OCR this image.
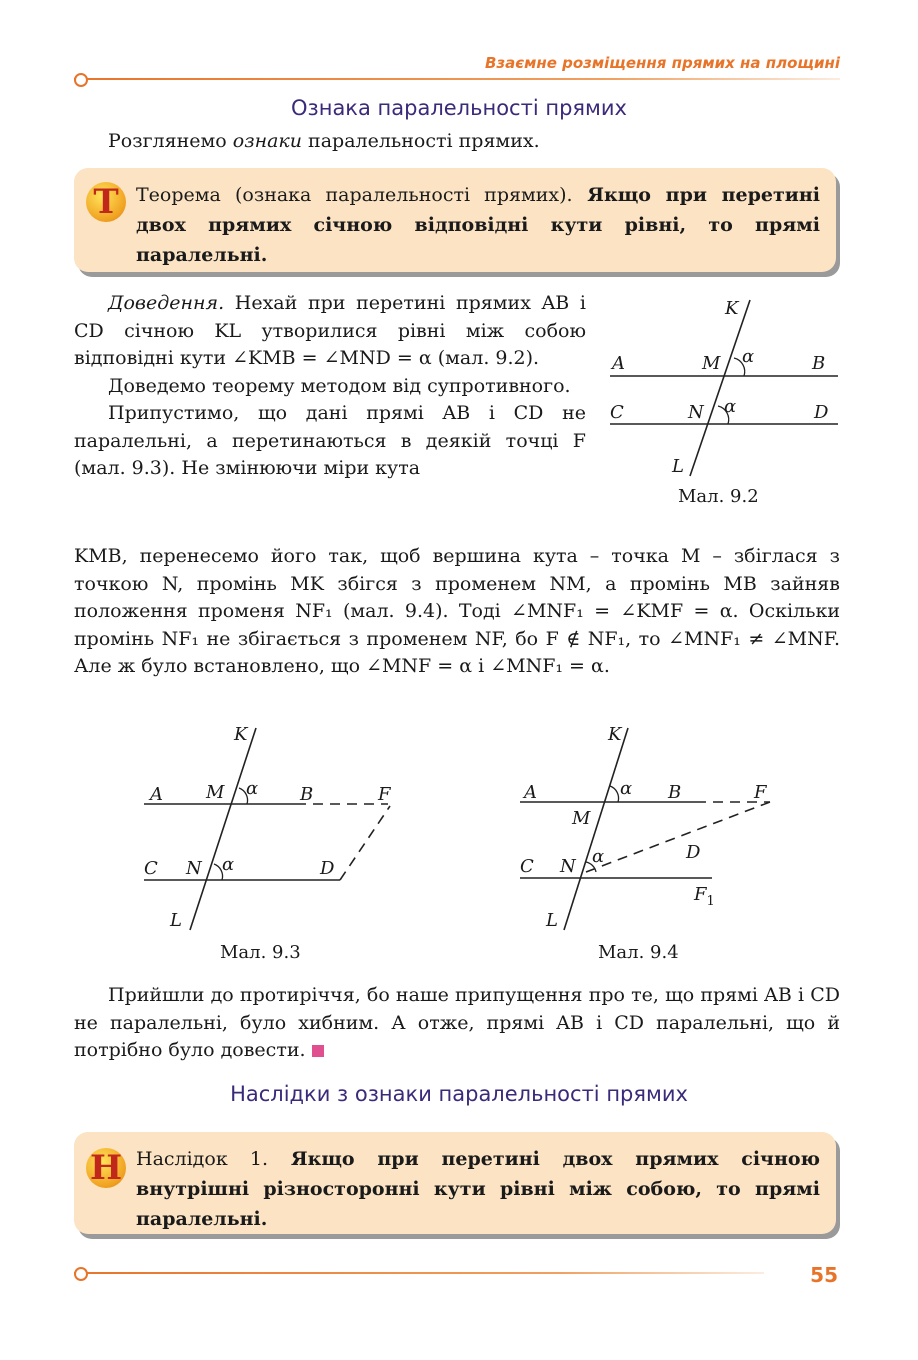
Взаємне розміщення прямих на площині
Ознака паралельності прямих
Розглянемо ознаки паралельності прямих.
Т Теорема (ознака паралельності прямих). Якщо при перетині двох прямих січною відповідні кути рівні, то прямі паралельні.

Доведення. Нехай при перетині прямих AB і CD січною KL утворилися рівні між собою відповідні кути ∠KMB = ∠MND = α (мал. 9.2).

Доведемо теорему методом від супротивного.

Припустимо, що дані прямі AB і CD не паралельні, а перетинаються в деякій точці F (мал. 9.3). Не змінюючи міри кута

KMB, перенесемо його так, щоб вершина кута – точка M – збіглася з точкою N, промінь MK збігся з променем NM, а промінь MB зайняв положення променя NF₁ (мал. 9.4). Тоді ∠MNF₁ = ∠KMF = α. Оскільки промінь NF₁ не збігається з променем NF, бо F ∉ NF₁, то ∠MNF₁ ≠ ∠MNF. Але ж було встановлено, що ∠MNF = α і ∠MNF₁ = α.

K
A	M α	B
C	N α	D
L
Мал. 9.2
K
A M α B	F
C N α	D
L
Мал. 9.3
K
A	α B	F
M
C N α	D
$F_1$
L
Мал. 9.4

Прийшли до протиріччя, бо наше припущення про те, що прямі AB і CD не паралельні, було хибним. А отже, прямі AB і CD паралельні, що й потрібно було довести.

Наслідки з ознаки паралельності прямих
Н Наслідок 1. Якщо при перетині двох прямих січною внутрішні різносторонні кути рівні між собою, то прямі паралельні.
55
